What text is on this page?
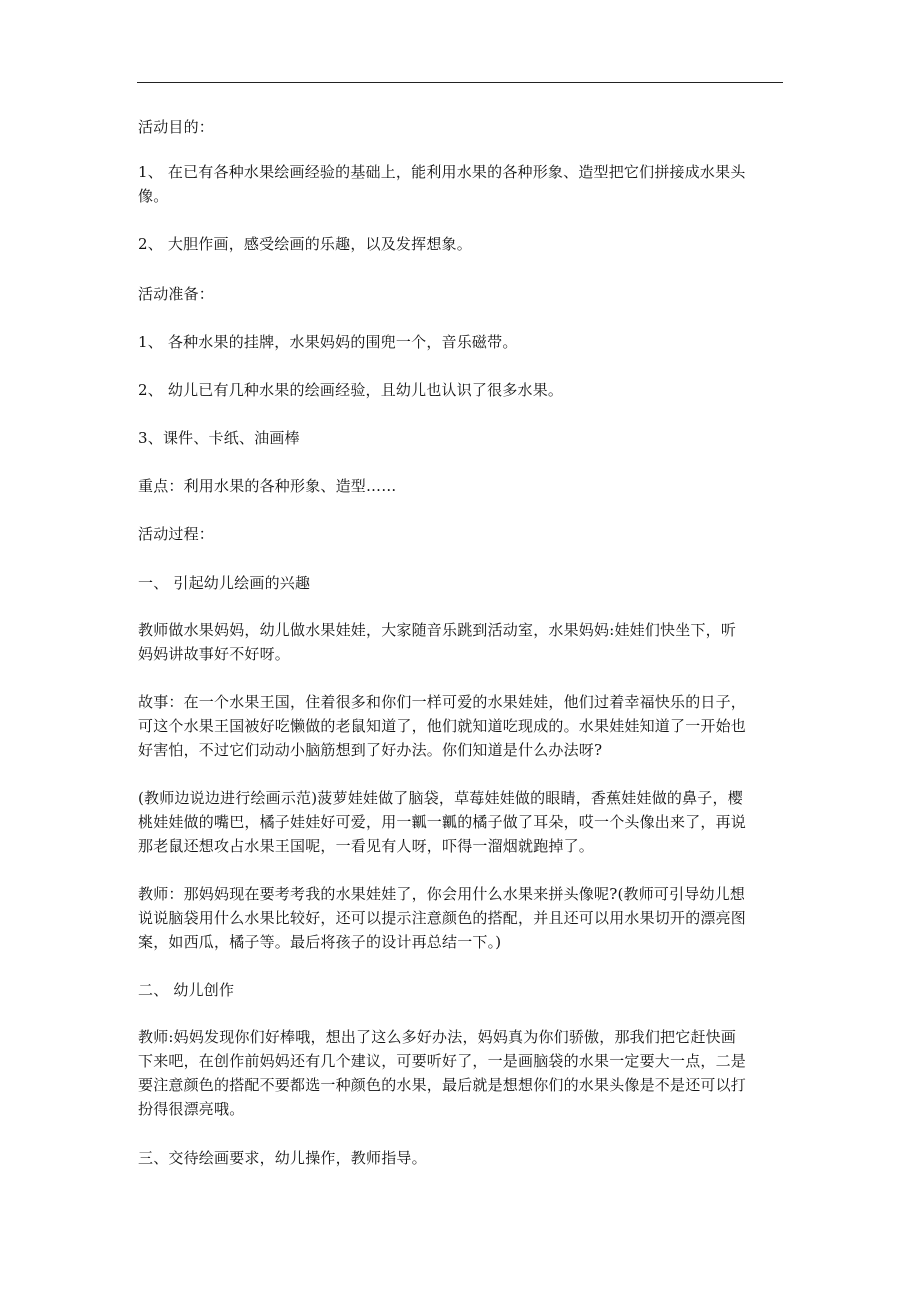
活动目的：
1、 在已有各种水果绘画经验的基础上，能利用水果的各种形象、造型把它们拼接成水果头
像。
2、 大胆作画，感受绘画的乐趣，以及发挥想象。
活动准备：
1、 各种水果的挂牌，水果妈妈的围兜一个，音乐磁带。
2、 幼儿已有几种水果的绘画经验，且幼儿也认识了很多水果。
3、课件、卡纸、油画棒
重点：利用水果的各种形象、造型……
活动过程：
一、 引起幼儿绘画的兴趣
教师做水果妈妈，幼儿做水果娃娃，大家随音乐跳到活动室，水果妈妈:娃娃们快坐下，听
妈妈讲故事好不好呀。
故事：在一个水果王国，住着很多和你们一样可爱的水果娃娃，他们过着幸福快乐的日子，
可这个水果王国被好吃懒做的老鼠知道了，他们就知道吃现成的。水果娃娃知道了一开始也
好害怕，不过它们动动小脑筋想到了好办法。你们知道是什么办法呀?
(教师边说边进行绘画示范)菠萝娃娃做了脑袋，草莓娃娃做的眼睛，香蕉娃娃做的鼻子，樱
桃娃娃做的嘴巴，橘子娃娃好可爱，用一瓤一瓤的橘子做了耳朵，哎一个头像出来了，再说
那老鼠还想攻占水果王国呢，一看见有人呀，吓得一溜烟就跑掉了。
教师：那妈妈现在要考考我的水果娃娃了，你会用什么水果来拼头像呢?(教师可引导幼儿想
说说脑袋用什么水果比较好，还可以提示注意颜色的搭配，并且还可以用水果切开的漂亮图
案，如西瓜，橘子等。最后将孩子的设计再总结一下。)
二、 幼儿创作
教师:妈妈发现你们好棒哦，想出了这么多好办法，妈妈真为你们骄傲，那我们把它赶快画
下来吧，在创作前妈妈还有几个建议，可要听好了，一是画脑袋的水果一定要大一点，二是
要注意颜色的搭配不要都选一种颜色的水果，最后就是想想你们的水果头像是不是还可以打
扮得很漂亮哦。
三、交待绘画要求，幼儿操作，教师指导。
